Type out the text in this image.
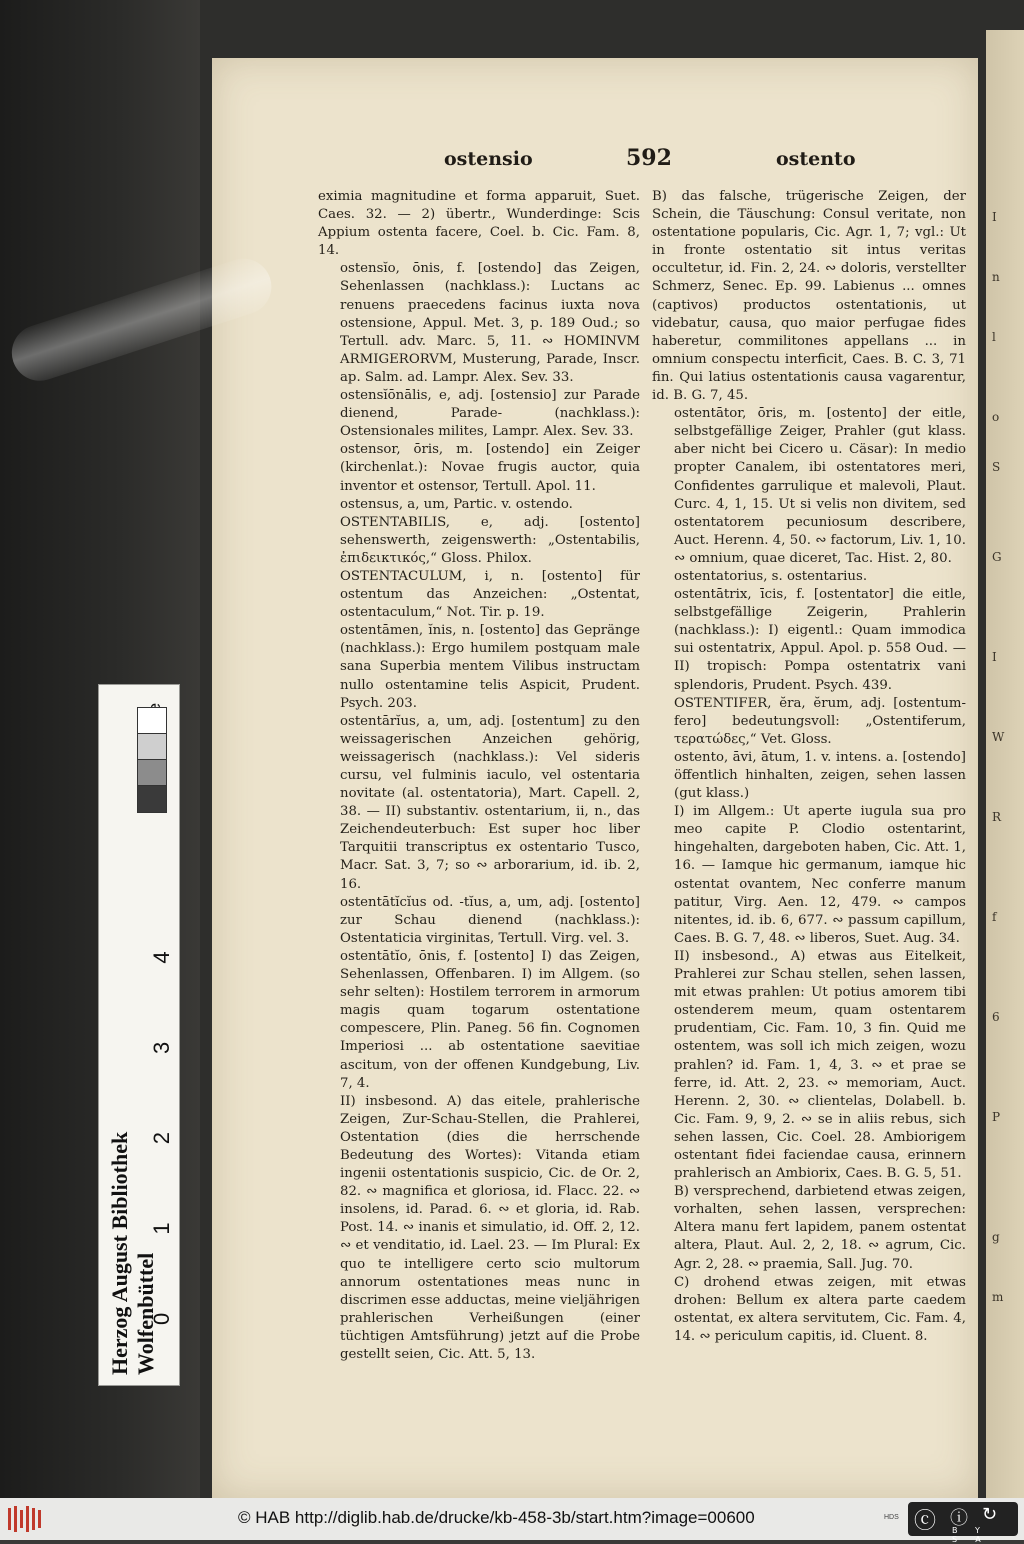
I
n
l
o
S
G
I
W
R
f
6
P
g
m
ostensio	592	ostento

eximia magnitudine et forma apparuit, Suet. Caes. 32. — 2) übertr., Wunderdinge: Scis Appium ostenta facere, Coel. b. Cic. Fam. 8, 14.

ostensĭo, ōnis, f. [ostendo] das Zeigen, Sehenlassen (nachklass.): Luctans ac renuens praecedens facinus iuxta nova ostensione, Appul. Met. 3, p. 189 Oud.; so Tertull. adv. Marc. 5, 11. ∾ HOMINVM ARMIGERORVM, Musterung, Parade, Inscr. ap. Salm. ad. Lampr. Alex. Sev. 33.

ostensĭōnālis, e, adj. [ostensio] zur Parade dienend, Parade- (nachklass.): Ostensionales milites, Lampr. Alex. Sev. 33.

ostensor, ōris, m. [ostendo] ein Zeiger (kirchenlat.): Novae frugis auctor, quia inventor et ostensor, Tertull. Apol. 11.

ostensus, a, um, Partic. v. ostendo.

OSTENTABILIS, e, adj. [ostento] sehenswerth, zeigenswerth: „Ostentabilis, ἐπιδεικτικός,“ Gloss. Philox.

OSTENTACULUM, i, n. [ostento] für ostentum das Anzeichen: „Ostentat, ostentaculum,“ Not. Tir. p. 19.

ostentāmen, ĭnis, n. [ostento] das Gepränge (nachklass.): Ergo humilem postquam male sana Superbia mentem Vilibus instructam nullo ostentamine telis Aspicit, Prudent. Psych. 203.

ostentārĭus, a, um, adj. [ostentum] zu den weissagerischen Anzeichen gehörig, weissagerisch (nachklass.): Vel sideris cursu, vel fulminis iaculo, vel ostentaria novitate (al. ostentatoria), Mart. Capell. 2, 38. — II) substantiv. ostentarium, ii, n., das Zeichendeuterbuch: Est super hoc liber Tarquitii transcriptus ex ostentario Tusco, Macr. Sat. 3, 7; so ∾ arborarium, id. ib. 2, 16.

ostentātĭcĭus od. -tĭus, a, um, adj. [ostento] zur Schau dienend (nachklass.): Ostentaticia virginitas, Tertull. Virg. vel. 3.

ostentātĭo, ōnis, f. [ostento] I) das Zeigen, Sehenlassen, Offenbaren. I) im Allgem. (so sehr selten): Hostilem terrorem in armorum magis quam togarum ostentatione compescere, Plin. Paneg. 56 fin. Cognomen Imperiosi ... ab ostentatione saevitiae ascitum, von der offenen Kundgebung, Liv. 7, 4.

II) insbesond. A) das eitele, prahlerische Zeigen, Zur-Schau-Stellen, die Prahlerei, Ostentation (dies die herrschende Bedeutung des Wortes): Vitanda etiam ingenii ostentationis suspicio, Cic. de Or. 2, 82. ∾ magnifica et gloriosa, id. Flacc. 22. ∾ insolens, id. Parad. 6. ∾ et gloria, id. Rab. Post. 14. ∾ inanis et simulatio, id. Off. 2, 12. ∾ et venditatio, id. Lael. 23. — Im Plural: Ex quo te intelligere certo scio multorum annorum ostentationes meas nunc in discrimen esse adductas, meine vieljährigen prahlerischen Verheißungen (einer tüchtigen Amtsführung) jetzt auf die Probe gestellt seien, Cic. Att. 5, 13.

B) das falsche, trügerische Zeigen, der Schein, die Täuschung: Consul veritate, non ostentatione popularis, Cic. Agr. 1, 7; vgl.: Ut in fronte ostentatio sit intus veritas occultetur, id. Fin. 2, 24. ∾ doloris, verstellter Schmerz, Senec. Ep. 99. Labienus ... omnes (captivos) productos ostentationis, ut videbatur, causa, quo maior perfugae fides haberetur, commilitones appellans ... in omnium conspectu interficit, Caes. B. C. 3, 71 fin. Qui latius ostentationis causa vagarentur, id. B. G. 7, 45.

ostentātor, ōris, m. [ostento] der eitle, selbstgefällige Zeiger, Prahler (gut klass. aber nicht bei Cicero u. Cäsar): In medio propter Canalem, ibi ostentatores meri, Confidentes garrulique et malevoli, Plaut. Curc. 4, 1, 15. Ut si velis non divitem, sed ostentatorem pecuniosum describere, Auct. Herenn. 4, 50. ∾ factorum, Liv. 1, 10. ∾ omnium, quae diceret, Tac. Hist. 2, 80.

ostentatorius, s. ostentarius.

ostentātrix, īcis, f. [ostentator] die eitle, selbstgefällige Zeigerin, Prahlerin (nachklass.): I) eigentl.: Quam immodica sui ostentatrix, Appul. Apol. p. 558 Oud. — II) tropisch: Pompa ostentatrix vani splendoris, Prudent. Psych. 439.

OSTENTIFER, ĕra, ĕrum, adj. [ostentum-fero] bedeutungsvoll: „Ostentiferum, τερατώδες,“ Vet. Gloss.

ostento, āvi, ātum, 1. v. intens. a. [ostendo] öffentlich hinhalten, zeigen, sehen lassen (gut klass.)

I) im Allgem.: Ut aperte iugula sua pro meo capite P. Clodio ostentarint, hingehalten, dargeboten haben, Cic. Att. 1, 16. — Iamque hic germanum, iamque hic ostentat ovantem, Nec conferre manum patitur, Virg. Aen. 12, 479. ∾ campos nitentes, id. ib. 6, 677. ∾ passum capillum, Caes. B. G. 7, 48. ∾ liberos, Suet. Aug. 34.

II) insbesond., A) etwas aus Eitelkeit, Prahlerei zur Schau stellen, sehen lassen, mit etwas prahlen: Ut potius amorem tibi ostenderem meum, quam ostentarem prudentiam, Cic. Fam. 10, 3 fin. Quid me ostentem, was soll ich mich zeigen, wozu prahlen? id. Fam. 1, 4, 3. ∾ et prae se ferre, id. Att. 2, 23. ∾ memoriam, Auct. Herenn. 2, 30. ∾ clientelas, Dolabell. b. Cic. Fam. 9, 9, 2. ∾ se in aliis rebus, sich sehen lassen, Cic. Coel. 28. Ambiorigem ostentant fidei faciendae causa, erinnern prahlerisch an Ambiorix, Caes. B. G. 5, 51.

B) versprechend, darbietend etwas zeigen, vorhalten, sehen lassen, versprechen: Altera manu fert lapidem, panem ostentat altera, Plaut. Aul. 2, 2, 18. ∾ agrum, Cic. Agr. 2, 28. ∾ praemia, Sall. Jug. 70.

C) drohend etwas zeigen, mit etwas drohen: Bellum ex altera parte caedem ostentat, ex altera servitutem, Cic. Fam. 4, 14. ∾ periculum capitis, id. Cluent. 8.

Herzog August Bibliothek Wolfenbüttel
0 1 2 3 4
© HAB http://diglib.hab.de/drucke/kb-458-3b/start.htm?image=00600	HDS ⓒ ⓘ ↻
BY SA
